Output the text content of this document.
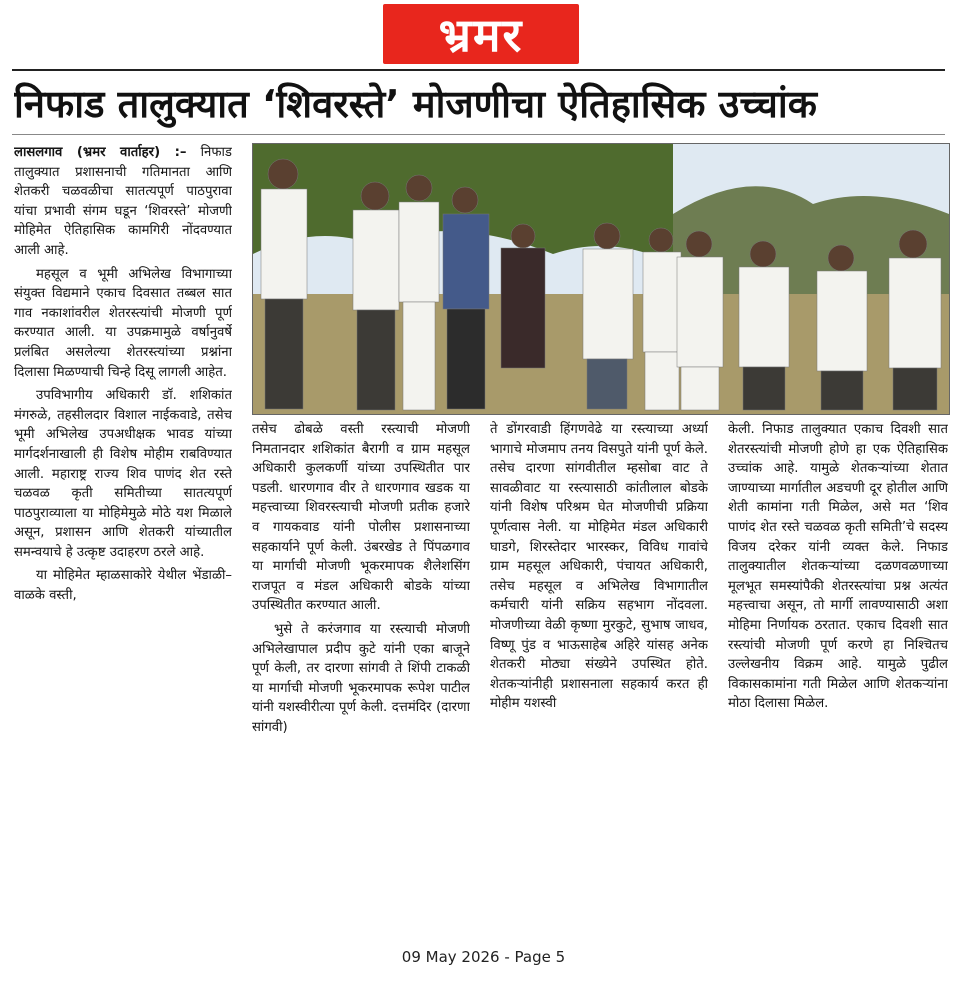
भ्रमर
निफाड तालुक्यात ‘शिवरस्ते’ मोजणीचा ऐतिहासिक उच्चांक

लासलगाव (भ्रमर वार्ताहर) :– निफाड तालुक्यात प्रशासनाची गतिमानता आणि शेतकरी चळवळीचा सातत्यपूर्ण पाठपुरावा यांचा प्रभावी संगम घडून ‘शिवरस्ते’ मोजणी मोहिमेत ऐतिहासिक कामगिरी नोंदवण्यात आली आहे.

महसूल व भूमी अभिलेख विभागाच्या संयुक्त विद्यमाने एकाच दिवसात तब्बल सात गाव नकाशांवरील शेतरस्त्यांची मोजणी पूर्ण करण्यात आली. या उपक्रमामुळे वर्षानुवर्षे प्रलंबित असलेल्या शेतरस्त्यांच्या प्रश्नांना दिलासा मिळण्याची चिन्हे दिसू लागली आहेत.

उपविभागीय अधिकारी डॉ. शशिकांत मंगरुळे, तहसीलदार विशाल नाईकवाडे, तसेच भूमी अभिलेख उपअधीक्षक भावड यांच्या मार्गदर्शनाखाली ही विशेष मोहीम राबविण्यात आली. महाराष्ट्र राज्य शिव पाणंद शेत रस्ते चळवळ कृती समितीच्या सातत्यपूर्ण पाठपुराव्याला या मोहिमेमुळे मोठे यश मिळाले असून, प्रशासन आणि शेतकरी यांच्यातील समन्वयाचे हे उत्कृष्ट उदाहरण ठरले आहे.

या मोहिमेत म्हाळसाकोरे येथील भेंडाळी–वाळके वस्ती,

तसेच ढोबळे वस्ती रस्त्याची मोजणी निमतानदार शशिकांत बैरागी व ग्राम महसूल अधिकारी कुलकर्णी यांच्या उपस्थितीत पार पडली. धारणगाव वीर ते धारणगाव खडक या महत्त्वाच्या शिवरस्त्याची मोजणी प्रतीक हजारे व गायकवाड यांनी पोलीस प्रशासनाच्या सहकार्याने पूर्ण केली. उंबरखेड ते पिंपळगाव या मार्गाची मोजणी भूकरमापक शैलेशसिंग राजपूत व मंडल अधिकारी बोडके यांच्या उपस्थितीत करण्यात आली.

भुसे ते करंजगाव या रस्त्याची मोजणी अभिलेखापाल प्रदीप कुटे यांनी एका बाजूने पूर्ण केली, तर दारणा सांगवी ते शिंपी टाकळी या मार्गाची मोजणी भूकरमापक रूपेश पाटील यांनी यशस्वीरीत्या पूर्ण केली. दत्तमंदिर (दारणा सांगवी)

ते डोंगरवाडी हिंगणवेढे या रस्त्याच्या अर्ध्या भागाचे मोजमाप तनय विसपुते यांनी पूर्ण केले. तसेच दारणा सांगवीतील म्हसोबा वाट ते सावळीवाट या रस्त्यासाठी कांतीलाल बोडके यांनी विशेष परिश्रम घेत मोजणीची प्रक्रिया पूर्णत्वास नेली. या मोहिमेत मंडल अधिकारी घाडगे, शिरस्तेदार भारस्कर, विविध गावांचे ग्राम महसूल अधिकारी, पंचायत अधिकारी, तसेच महसूल व अभिलेख विभागातील कर्मचारी यांनी सक्रिय सहभाग नोंदवला. मोजणीच्या वेळी कृष्णा मुरकुटे, सुभाष जाधव, विष्णू पुंड व भाऊसाहेब अहिरे यांसह अनेक शेतकरी मोठ्या संख्येने उपस्थित होते. शेतकऱ्यांनीही प्रशासनाला सहकार्य करत ही मोहीम यशस्वी

केली. निफाड तालुक्यात एकाच दिवशी सात शेतरस्त्यांची मोजणी होणे हा एक ऐतिहासिक उच्चांक आहे. यामुळे शेतकऱ्यांच्या शेतात जाण्याच्या मार्गातील अडचणी दूर होतील आणि शेती कामांना गती मिळेल, असे मत ‘शिव पाणंद शेत रस्ते चळवळ कृती समिती’चे सदस्य विजय दरेकर यांनी व्यक्त केले. निफाड तालुक्यातील शेतकऱ्यांच्या दळणवळणाच्या मूलभूत समस्यांपैकी शेतरस्त्यांचा प्रश्न अत्यंत महत्त्वाचा असून, तो मार्गी लावण्यासाठी अशा मोहिमा निर्णायक ठरतात. एकाच दिवशी सात रस्त्यांची मोजणी पूर्ण करणे हा निश्चितच उल्लेखनीय विक्रम आहे. यामुळे पुढील विकासकामांना गती मिळेल आणि शेतकऱ्यांना मोठा दिलासा मिळेल.

09 May 2026 - Page 5
